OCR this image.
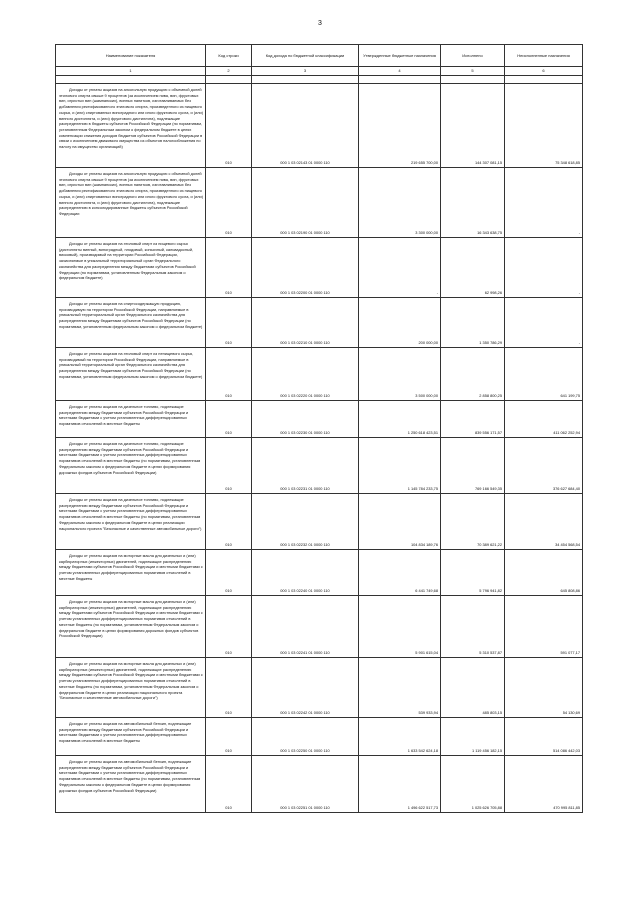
3
Наименование показателя	Код строки	Код дохода по бюджетной классификации	Утвержденные бюджетные назначения	Исполнено	Неисполненные назначения
1	2	3	4	5	6

Доходы от уплаты акцизов на алкогольную продукцию с объемной долей этилового спирта свыше 9 процентов (за исключением пива, вин, фруктовых вин, игристых вин (шампанских), винных напитков, изготавливаемых без добавления ректификованного этилового спирта, произведенного из пищевого сырья, и (или) спиртованных виноградного или иного фруктового сусла, и (или) винного дистиллята, и (или) фруктового дистиллята), подлежащие распределению в бюджеты субъектов Российской Федерации (по нормативам, установленным Федеральным законом о федеральном бюджете в целях компенсации снижения доходов бюджетов субъектов Российской Федерации в связи с исключением движимого имущества из объектов налогообложения по налогу на имущество организаций)	010	000 1 03 02143 01 0000 110	219 655 700,00	144 307 081,15	75 348 618,85
Доходы от уплаты акцизов на алкогольную продукцию с объемной долей этилового спирта свыше 9 процентов (за исключением пива, вин, фруктовых вин, игристых вин (шампанских), винных напитков, изготавливаемых без добавления ректификованного этилового спирта, произведенного из пищевого сырья, и (или) спиртованных виноградного или иного фруктового сусла, и (или) винного дистиллята, и (или) фруктового дистиллята), подлежащие распределению в консолидированные бюджеты субъектов Российской Федерации	010	000 1 03 02190 01 0000 110	3 300 000,00	16 343 638,75	-
Доходы от уплаты акцизов на этиловый спирт из пищевого сырья (дистилляты винный, виноградный, плодовый, коньячный, кальвадосный, висковый), производимый на территории Российской Федерации, зачисляемые в уникальный территориальный орган Федерального казначейства для распределения между бюджетами субъектов Российской Федерации (по нормативам, установленным Федеральным законом о федеральном бюджете)	010	000 1 03 02200 01 0000 110	-	62 998,26	-
Доходы от уплаты акцизов на спиртосодержащую продукцию, производимую на территории Российской Федерации, направляемые в уникальный территориальный орган Федерального казначейства для распределения между бюджетами субъектов Российской Федерации (по нормативам, установленным федеральным законом о федеральном бюджете)	010	000 1 03 02210 01 0000 110	200 000,00	1 350 786,29	-
Доходы от уплаты акцизов на этиловый спирт из непищевого сырья, производимый на территории Российской Федерации, направляемые в уникальный территориальный орган Федерального казначейства для распределения между бюджетами субъектов Российской Федерации (по нормативам, установленным федеральным законом о федеральном бюджете)	010	000 1 03 02220 01 0000 110	3 500 000,00	2 858 800,25	641 199,75
Доходы от уплаты акцизов на дизельное топливо, подлежащие распределению между бюджетами субъектов Российской Федерации и местными бюджетами с учетом установленных дифференцированных нормативов отчислений в местные бюджеты	010	000 1 03 02230 01 0000 110	1 250 618 423,51	839 556 171,57	411 062 252,94
Доходы от уплаты акцизов на дизельное топливо, подлежащие распределению между бюджетами субъектов Российской Федерации и местными бюджетами с учетом установленных дифференцированных нормативов отчислений в местные бюджеты (по нормативам, установленным Федеральным законом о федеральном бюджете в целях формирования дорожных фондов субъектов Российской Федерации)	010	000 1 03 02231 01 0000 110	1 145 784 233,75	769 166 549,35	376 627 684,40
Доходы от уплаты акцизов на дизельное топливо, подлежащие распределению между бюджетами субъектов Российской Федерации и местными бюджетами с учетом установленных дифференцированных нормативов отчислений в местные бюджеты (по нормативам, установленным Федеральным законом о федеральном бюджете в целях реализации национального проекта "Безопасные и качественные автомобильные дороги")	010	000 1 03 02232 01 0000 110	104 834 189,76	70 389 621,22	34 454 568,54
Доходы от уплаты акцизов на моторные масла для дизельных и (или) карбюраторных (инжекторных) двигателей, подлежащие распределению между бюджетами субъектов Российской Федерации и местными бюджетами с учетом установленных дифференцированных нормативов отчислений в местные бюджеты	010	000 1 03 02240 01 0000 110	6 441 749,68	5 796 941,82	645 808,86
Доходы от уплаты акцизов на моторные масла для дизельных и (или) карбюраторных (инжекторных) двигателей, подлежащие распределению между бюджетами субъектов Российской Федерации и местными бюджетами с учетом установленных дифференцированных нормативов отчислений в местные бюджеты (по нормативам, установленным Федеральным законом о федеральном бюджете в целях формирования дорожных фондов субъектов Российской Федерации)	010	000 1 03 02241 01 0000 110	5 901 615,04	5 310 537,87	591 077,17
Доходы от уплаты акцизов на моторные масла для дизельных и (или) карбюраторных (инжекторных) двигателей, подлежащие распределению между бюджетами субъектов Российской Федерации и местными бюджетами с учетом установленных дифференцированных нормативов отчислений в местные бюджеты (по нормативам, установленным Федеральным законом о федеральном бюджете в целях реализации национального проекта "Безопасные и качественные автомобильные дороги")	010	000 1 03 02242 01 0000 110	539 933,94	485 803,15	54 130,69
Доходы от уплаты акцизов на автомобильный бензин, подлежащие распределению между бюджетами субъектов Российской Федерации и местными бюджетами с учетом установленных дифференцированных нормативов отчислений в местные бюджеты	010	000 1 03 02250 01 0000 110	1 633 542 624,18	1 119 456 182,15	514 086 442,03
Доходы от уплаты акцизов на автомобильный бензин, подлежащие распределению между бюджетами субъектов Российской Федерации и местными бюджетами с учетом установленных дифференцированных нормативов отчислений в местные бюджеты (по нормативам, установленным Федеральным законом о федеральном бюджете в целях формирования дорожных фондов субъектов Российской Федерации)	010	000 1 03 02251 01 0000 110	1 496 622 517,73	1 025 626 705,88	470 995 811,85
